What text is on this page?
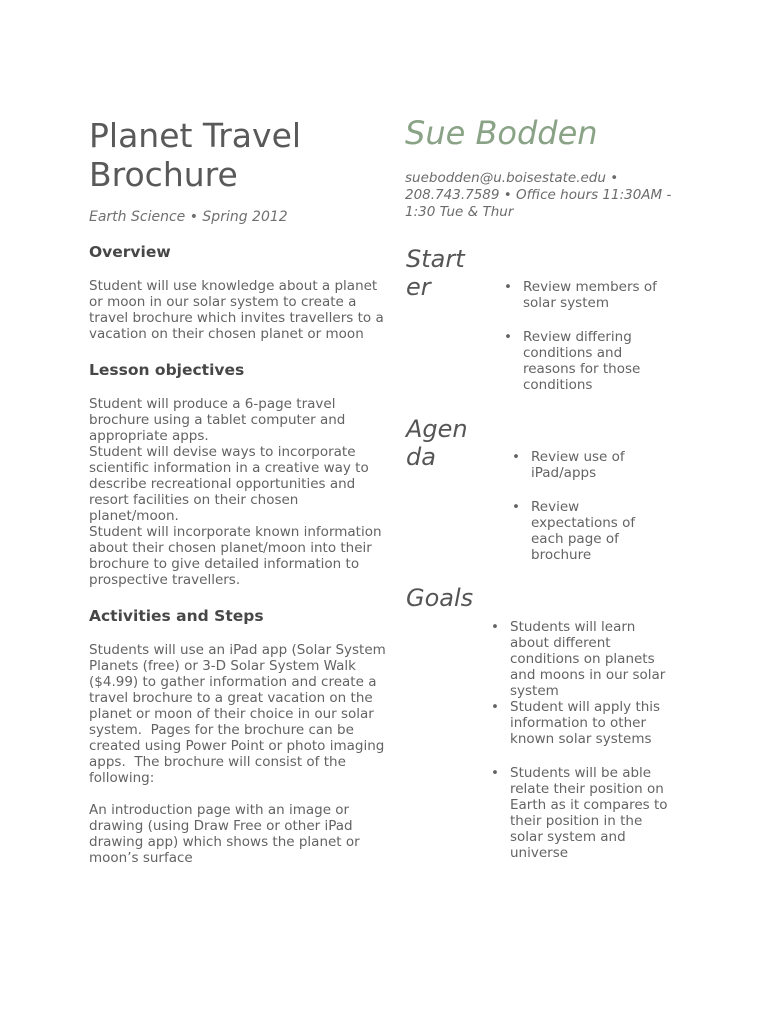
Planet Travel
Brochure
Earth Science • Spring 2012
Overview

Student will use knowledge about a planet
or moon in our solar system to create a
travel brochure which invites travellers to a
vacation on their chosen planet or moon

Lesson objectives

Student will produce a 6-page travel
brochure using a tablet computer and
appropriate apps.
Student will devise ways to incorporate
scientific information in a creative way to
describe recreational opportunities and
resort facilities on their chosen
planet/moon.
Student will incorporate known information
about their chosen planet/moon into their
brochure to give detailed information to
prospective travellers.

Activities and Steps

Students will use an iPad app (Solar System
Planets (free) or 3-D Solar System Walk
($4.99) to gather information and create a
travel brochure to a great vacation on the
planet or moon of their choice in our solar
system.  Pages for the brochure can be
created using Power Point or photo imaging
apps.  The brochure will consist of the
following:

An introduction page with an image or
drawing (using Draw Free or other iPad
drawing app) which shows the planet or
moon’s surface

Sue Bodden
suebodden@u.boisestate.edu •
208.743.7589 • Office hours 11:30AM -
1:30 Tue & Thur
Starter	• Review members of solar system
• Review differing conditions and reasons for those conditions
Agenda	• Review use of iPad/apps
• Review expectations of each page of brochure
Goals
• Students will learn about different conditions on planets and moons in our solar system
• Student will apply this information to other known solar systems
• Students will be able relate their position on Earth as it compares to their position in the solar system and universe
